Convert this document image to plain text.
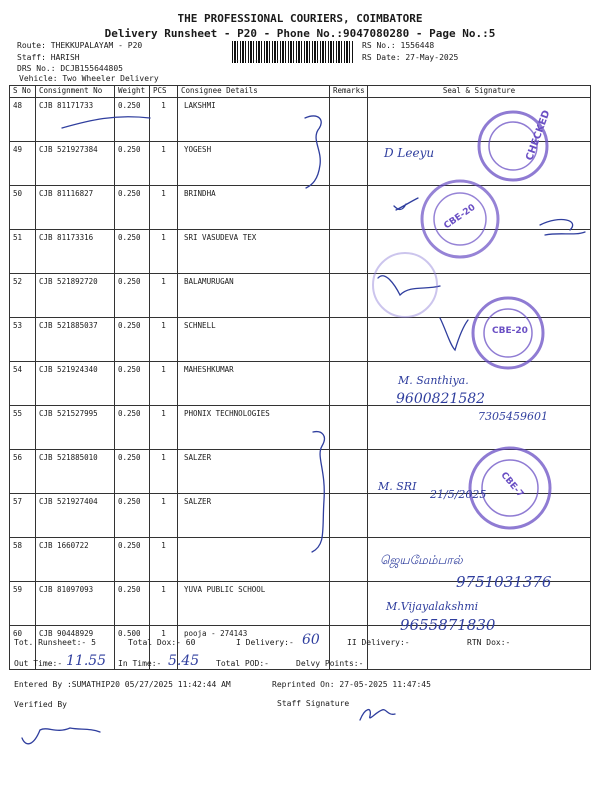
THE PROFESSIONAL COURIERS, COIMBATORE
Delivery Runsheet - P20 - Phone No.:9047080280 - Page No.:5
Route: THEKKUPALAYAM - P20
Staff: HARISH
DRS No.: DCJB155644805
Vehicle: Two Wheeler Delivery
RS No.: 1556448
RS Date: 27-May-2025
S No	Consignment No	Weight	PCS	Consignee Details	Remarks	Seal & Signature
48	CJB 81171733	0.250	1	LAKSHMI		
49	CJB 521927384	0.250	1	YOGESH		
50	CJB 81116827	0.250	1	BRINDHA		
51	CJB 81173316	0.250	1	SRI VASUDEVA TEX		
52	CJB 521892720	0.250	1	BALAMURUGAN		
53	CJB 521885037	0.250	1	SCHNELL		
54	CJB 521924340	0.250	1	MAHESHKUMAR		
55	CJB 521527995	0.250	1	PHONIX TECHNOLOGIES		
56	CJB 521885010	0.250	1	SALZER		
57	CJB 521927404	0.250	1	SALZER		
58	CJB 1660722	0.250	1			
59	CJB 81097093	0.250	1	YUVA PUBLIC SCHOOL		
60	CJB 90448929	0.500	1	pooja - 274143		
CHECKED
CBE-20
CBE-20
CBE-7
D Leeyu
M. Santhiya.
9600821582
7305459601
M. SRI
21/5/2025
ஜெயமேம்பால்
9751031376
M.Vijayalakshmi
9655871830
Tot. Runsheet:- 5	Total Dox:- 60	I Delivery:- 60	II Delivery:-	RTN Dox:-
Out Time:- 11.55 In Time:- 5.45 Total POD:-	Delvy Points:-
Entered By :SUMATHIP20 05/27/2025 11:42:44 AM	Reprinted On: 27-05-2025 11:47:45
Verified By	Staff Signature
